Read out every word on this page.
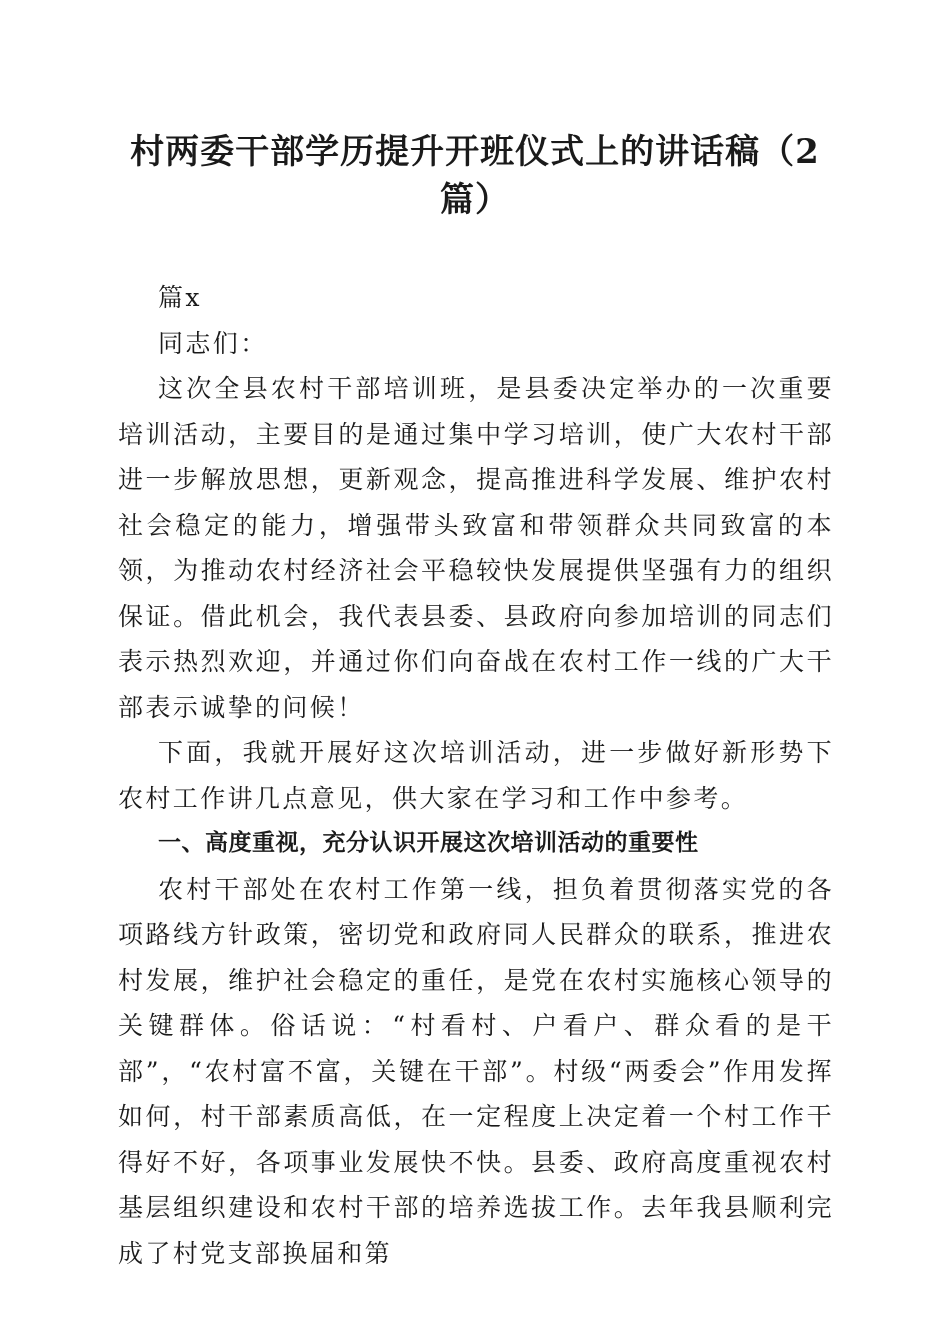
村两委干部学历提升开班仪式上的讲话稿（2篇）

篇x

同志们：

这次全县农村干部培训班，是县委决定举办的一次重要培训活动，主要目的是通过集中学习培训，使广大农村干部进一步解放思想，更新观念，提高推进科学发展、维护农村社会稳定的能力，增强带头致富和带领群众共同致富的本领，为推动农村经济社会平稳较快发展提供坚强有力的组织保证。借此机会，我代表县委、县政府向参加培训的同志们表示热烈欢迎，并通过你们向奋战在农村工作一线的广大干部表示诚挚的问候！

下面，我就开展好这次培训活动，进一步做好新形势下农村工作讲几点意见，供大家在学习和工作中参考。

一、高度重视，充分认识开展这次培训活动的重要性

农村干部处在农村工作第一线，担负着贯彻落实党的各项路线方针政策，密切党和政府同人民群众的联系，推进农村发展，维护社会稳定的重任，是党在农村实施核心领导的关键群体。俗话说：“村看村、户看户、群众看的是干部”，“农村富不富，关键在干部”。村级“两委会”作用发挥如何，村干部素质高低，在一定程度上决定着一个村工作干得好不好，各项事业发展快不快。县委、政府高度重视农村基层组织建设和农村干部的培养选拔工作。去年我县顺利完成了村党支部换届和第
